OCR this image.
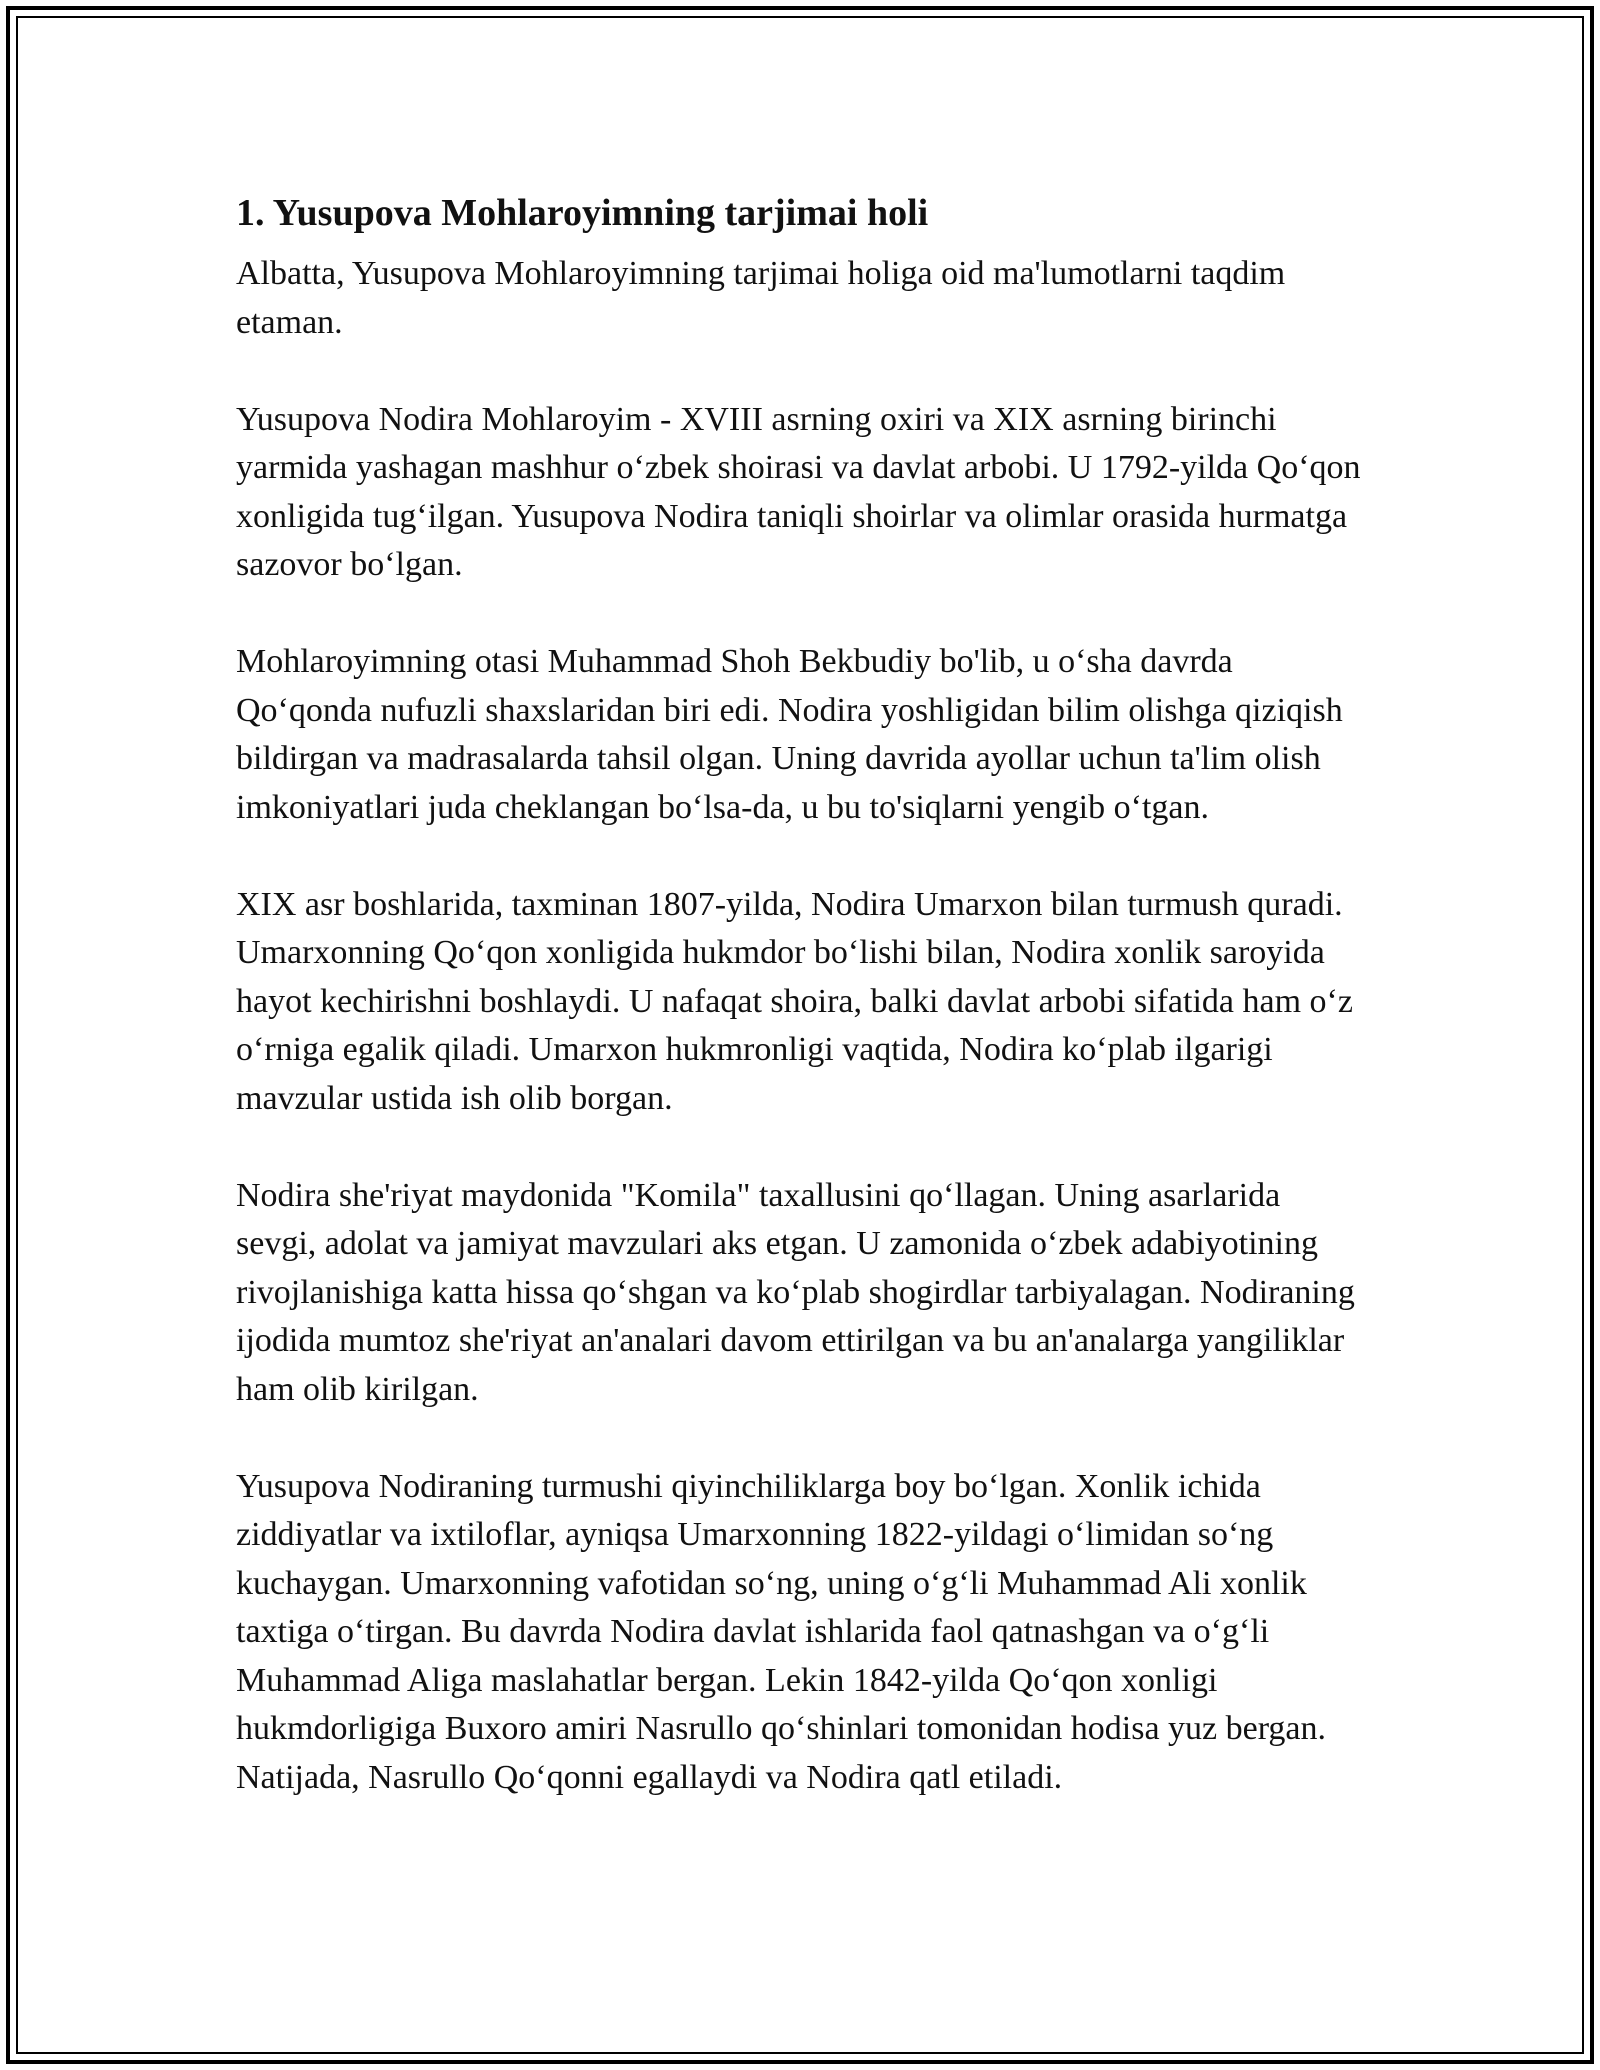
1. Yusupova Mohlaroyimning tarjimai holi

Albatta, Yusupova Mohlaroyimning tarjimai holiga oid ma'lumotlarni taqdim etaman.

Yusupova Nodira Mohlaroyim - XVIII asrning oxiri va XIX asrning birinchi yarmida yashagan mashhur o‘zbek shoirasi va davlat arbobi. U 1792-yilda Qo‘qon xonligida tug‘ilgan. Yusupova Nodira taniqli shoirlar va olimlar orasida hurmatga sazovor bo‘lgan.

Mohlaroyimning otasi Muhammad Shoh Bekbudiy bo'lib, u o‘sha davrda Qo‘qonda nufuzli shaxslaridan biri edi. Nodira yoshligidan bilim olishga qiziqish bildirgan va madrasalarda tahsil olgan. Uning davrida ayollar uchun ta'lim olish imkoniyatlari juda cheklangan bo‘lsa-da, u bu to'siqlarni yengib o‘tgan.

XIX asr boshlarida, taxminan 1807-yilda, Nodira Umarxon bilan turmush quradi. Umarxonning Qo‘qon xonligida hukmdor bo‘lishi bilan, Nodira xonlik saroyida hayot kechirishni boshlaydi. U nafaqat shoira, balki davlat arbobi sifatida ham o‘z o‘rniga egalik qiladi. Umarxon hukmronligi vaqtida, Nodira ko‘plab ilgarigi mavzular ustida ish olib borgan.

Nodira she'riyat maydonida "Komila" taxallusini qo‘llagan. Uning asarlarida sevgi, adolat va jamiyat mavzulari aks etgan. U zamonida o‘zbek adabiyotining rivojlanishiga katta hissa qo‘shgan va ko‘plab shogirdlar tarbiyalagan. Nodiraning ijodida mumtoz she'riyat an'analari davom ettirilgan va bu an'analarga yangiliklar ham olib kirilgan.

Yusupova Nodiraning turmushi qiyinchiliklarga boy bo‘lgan. Xonlik ichida ziddiyatlar va ixtiloflar, ayniqsa Umarxonning 1822-yildagi o‘limidan so‘ng kuchaygan. Umarxonning vafotidan so‘ng, uning o‘g‘li Muhammad Ali xonlik taxtiga o‘tirgan. Bu davrda Nodira davlat ishlarida faol qatnashgan va o‘g‘li Muhammad Aliga maslahatlar bergan. Lekin 1842-yilda Qo‘qon xonligi hukmdorligiga Buxoro amiri Nasrullo qo‘shinlari tomonidan hodisa yuz bergan. Natijada, Nasrullo Qo‘qonni egallaydi va Nodira qatl etiladi.
